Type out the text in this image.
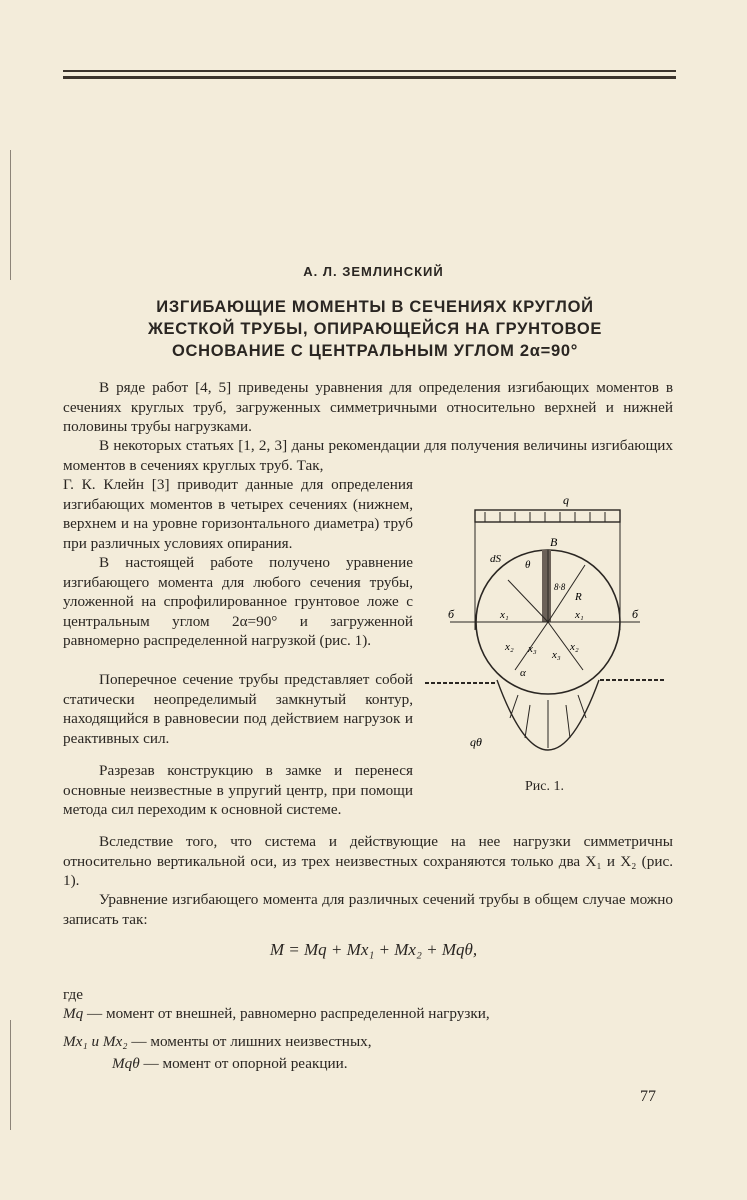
А. Л. ЗЕМЛИНСКИЙ
ИЗГИБАЮЩИЕ МОМЕНТЫ В СЕЧЕНИЯХ КРУГЛОЙ
ЖЕСТКОЙ ТРУБЫ, ОПИРАЮЩЕЙСЯ НА ГРУНТОВОЕ
ОСНОВАНИЕ С ЦЕНТРАЛЬНЫМ УГЛОМ 2α=90°

В ряде работ [4, 5] приведены уравнения для определения изгибающих моментов в сечениях круглых труб, загруженных симметричными относительно верхней и нижней половины трубы нагрузками.

В некоторых статьях [1, 2, 3] даны рекомендации для получения величины изгибающих моментов в сечениях круглых труб. Так,

Г. К. Клейн [3] приводит данные для определения изгибающих моментов в четырех сечениях (нижнем, верхнем и на уровне горизонтального диаметра) труб при различных условиях опирания.

В настоящей работе получено уравнение изгибающего момента для любого сечения трубы, уложенной на спрофилированное грунтовое ложе с центральным углом 2α=90° и загруженной равномерно распределенной нагрузкой (рис. 1).

Поперечное сечение трубы представляет собой статически неопределимый замкнутый контур, находящийся в равновесии под действием нагрузок и реактивных сил.

Разрезав конструкцию в замке и перенеся основные неизвестные в упругий центр, при помощи метода сил переходим к основной системе.

Вследствие того, что система и действующие на нее нагрузки симметричны относительно вертикальной оси, из трех неизвестных сохраняются только два X₁ и X₂ (рис. 1).

Уравнение изгибающего момента для различных сечений трубы в общем случае можно записать так:

q
В
б	б
dS θ
R
x₁	x₁
x₂	x₂
x₃ x₃
α
8·8
qθ
Рис. 1.
M = Mq + Mx₁ + Mx₂ + Mqθ,
где
Mq — момент от внешней, равномерно распределенной нагрузки,
Mx₁ и Mx₂ — моменты от лишних неизвестных,
Mqθ — момент от опорной реакции.
77
